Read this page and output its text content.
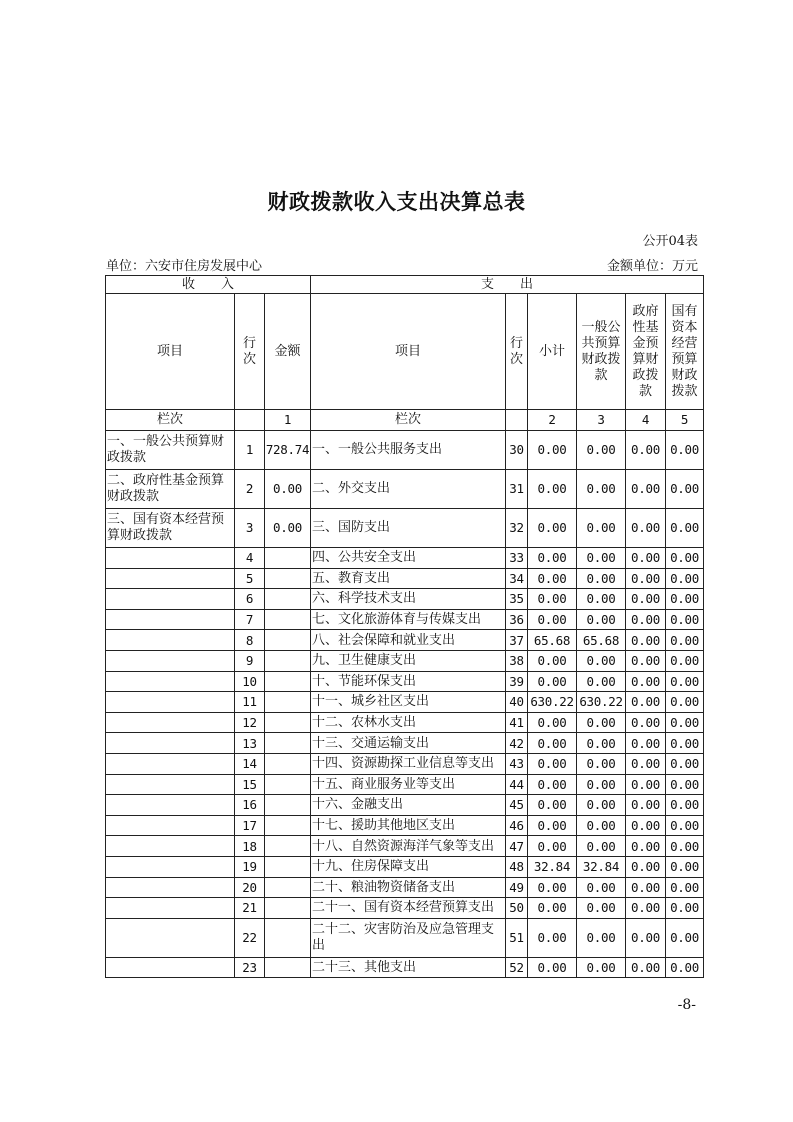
财政拨款收入支出决算总表
公开04表
单位：六安市住房发展中心	金额单位：万元
收　　入			支　　出					
项目	行次	金额	项目	行次	小计	一般公共预算财政拨款	政府性基金预算财政拨款	国有资本经营预算财政拨款
栏次		1	栏次		2	3	4	5
一、一般公共预算财政拨款	1	728.74	一、一般公共服务支出	30	0.00	0.00	0.00	0.00
二、政府性基金预算财政拨款	2	0.00	二、外交支出	31	0.00	0.00	0.00	0.00
三、国有资本经营预算财政拨款	3	0.00	三、国防支出	32	0.00	0.00	0.00	0.00
	4		四、公共安全支出	33	0.00	0.00	0.00	0.00
	5		五、教育支出	34	0.00	0.00	0.00	0.00
	6		六、科学技术支出	35	0.00	0.00	0.00	0.00
	7		七、文化旅游体育与传媒支出	36	0.00	0.00	0.00	0.00
	8		八、社会保障和就业支出	37	65.68	65.68	0.00	0.00
	9		九、卫生健康支出	38	0.00	0.00	0.00	0.00
	10		十、节能环保支出	39	0.00	0.00	0.00	0.00
	11		十一、城乡社区支出	40	630.22	630.22	0.00	0.00
	12		十二、农林水支出	41	0.00	0.00	0.00	0.00
	13		十三、交通运输支出	42	0.00	0.00	0.00	0.00
	14		十四、资源勘探工业信息等支出	43	0.00	0.00	0.00	0.00
	15		十五、商业服务业等支出	44	0.00	0.00	0.00	0.00
	16		十六、金融支出	45	0.00	0.00	0.00	0.00
	17		十七、援助其他地区支出	46	0.00	0.00	0.00	0.00
	18		十八、自然资源海洋气象等支出	47	0.00	0.00	0.00	0.00
	19		十九、住房保障支出	48	32.84	32.84	0.00	0.00
	20		二十、粮油物资储备支出	49	0.00	0.00	0.00	0.00
	21		二十一、国有资本经营预算支出	50	0.00	0.00	0.00	0.00
	22		二十二、灾害防治及应急管理支出	51	0.00	0.00	0.00	0.00
	23		二十三、其他支出	52	0.00	0.00	0.00	0.00
-8-
